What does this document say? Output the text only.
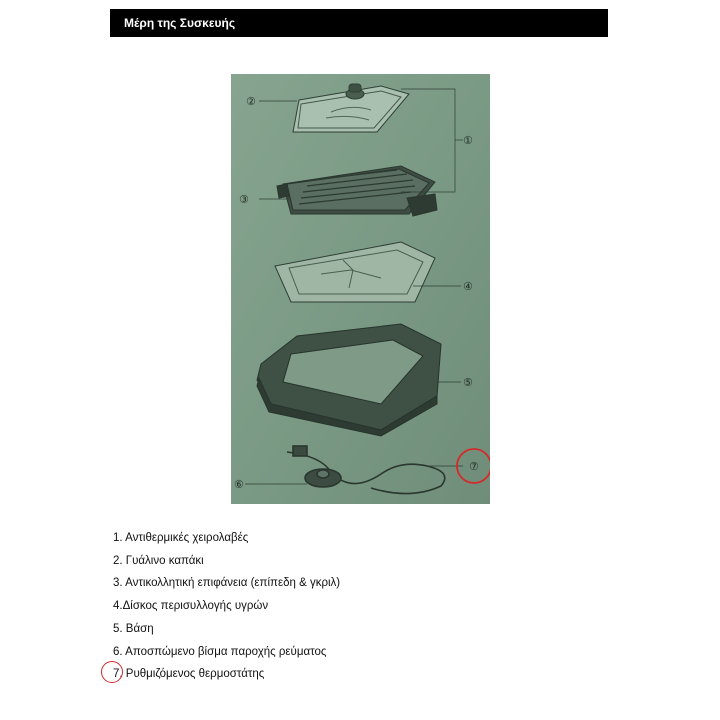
Μέρη της Συσκευής
②
①
③
④
⑤
⑦
⑥
1. Αντιθερμικές χειρολαβές
2. Γυάλινο καπάκι
3. Αντικολλητική επιφάνεια (επίπεδη & γκριλ)
4.Δίσκος περισυλλογής υγρών
5. Βάση
6. Αποσπώμενο βίσμα παροχής ρεύματος
7. Ρυθμιζόμενος θερμοστάτης
